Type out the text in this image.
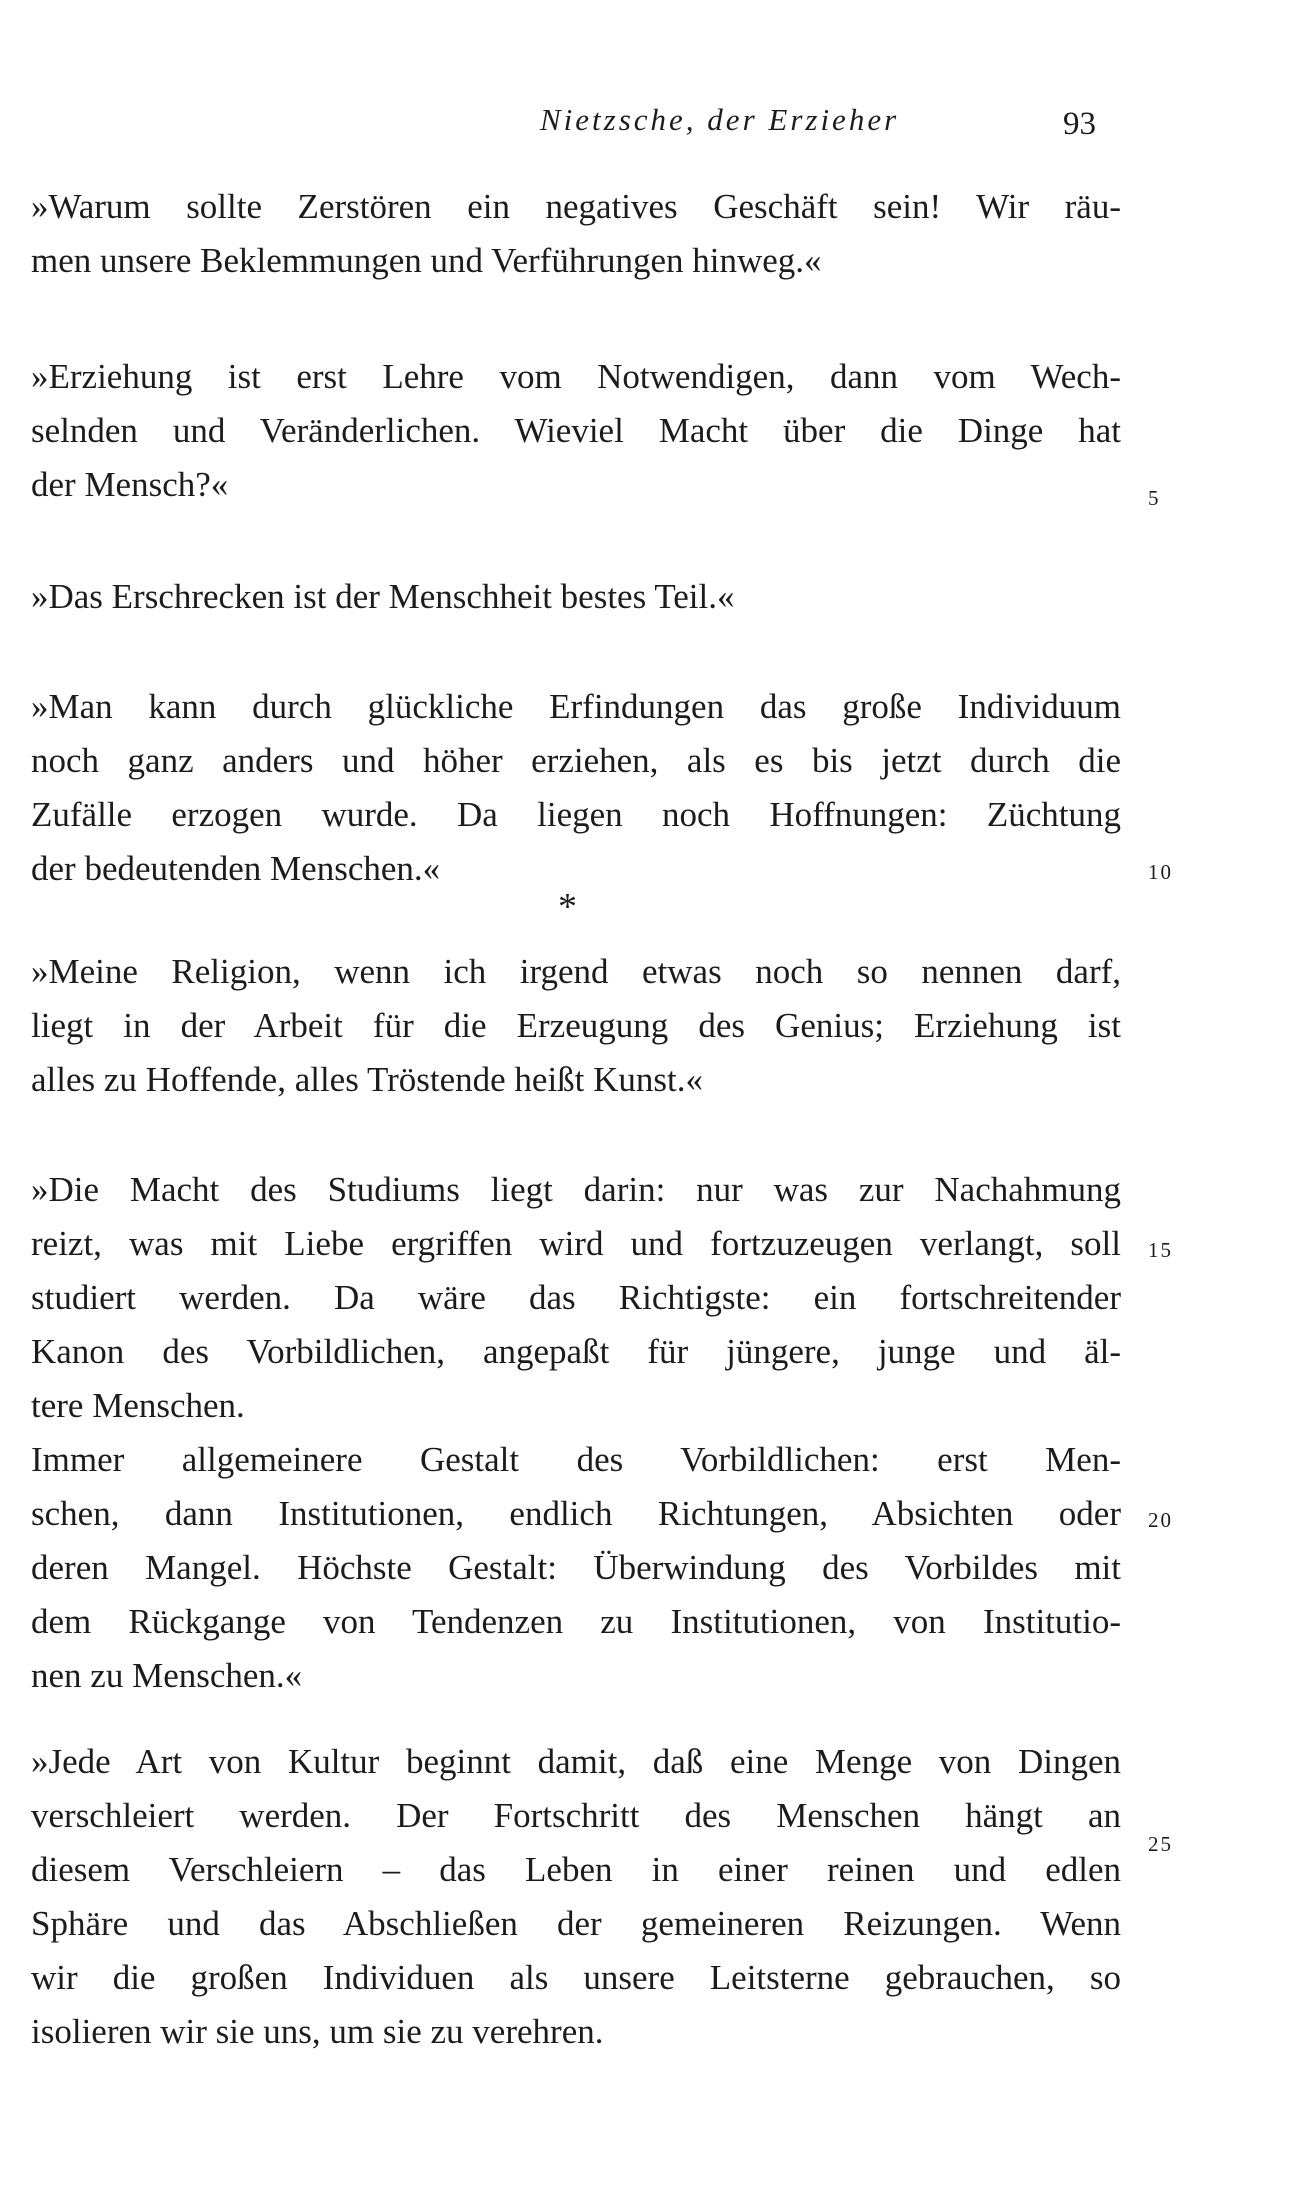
Nietzsche, der Erzieher	93
»Warum sollte Zerstören ein negatives Geschäft sein! Wir räu-
men unsere Beklemmungen und Verführungen hinweg.«
»Erziehung ist erst Lehre vom Notwendigen, dann vom Wech-
selnden und Veränderlichen. Wieviel Macht über die Dinge hat
der Mensch?«	5
»Das Erschrecken ist der Menschheit bestes Teil.«
»Man kann durch glückliche Erfindungen das große Individuum
noch ganz anders und höher erziehen, als es bis jetzt durch die
Zufälle erzogen wurde. Da liegen noch Hoffnungen: Züchtung
der bedeutenden Menschen.«	10
*
»Meine Religion, wenn ich irgend etwas noch so nennen darf,
liegt in der Arbeit für die Erzeugung des Genius; Erziehung ist
alles zu Hoffende, alles Tröstende heißt Kunst.«
»Die Macht des Studiums liegt darin: nur was zur Nachahmung
reizt, was mit Liebe ergriffen wird und fortzuzeugen verlangt, soll
studiert werden. Da wäre das Richtigste: ein fortschreitender
Kanon des Vorbildlichen, angepaßt für jüngere, junge und äl-
tere Menschen.
Immer allgemeinere Gestalt des Vorbildlichen: erst Men-
schen, dann Institutionen, endlich Richtungen, Absichten oder
deren Mangel. Höchste Gestalt: Überwindung des Vorbildes mit
dem Rückgange von Tendenzen zu Institutionen, von Institutio-
nen zu Menschen.«
15
20
»Jede Art von Kultur beginnt damit, daß eine Menge von Dingen
verschleiert werden. Der Fortschritt des Menschen hängt an
diesem Verschleiern – das Leben in einer reinen und edlen
Sphäre und das Abschließen der gemeineren Reizungen. Wenn
wir die großen Individuen als unsere Leitsterne gebrauchen, so
isolieren wir sie uns, um sie zu verehren.
25
